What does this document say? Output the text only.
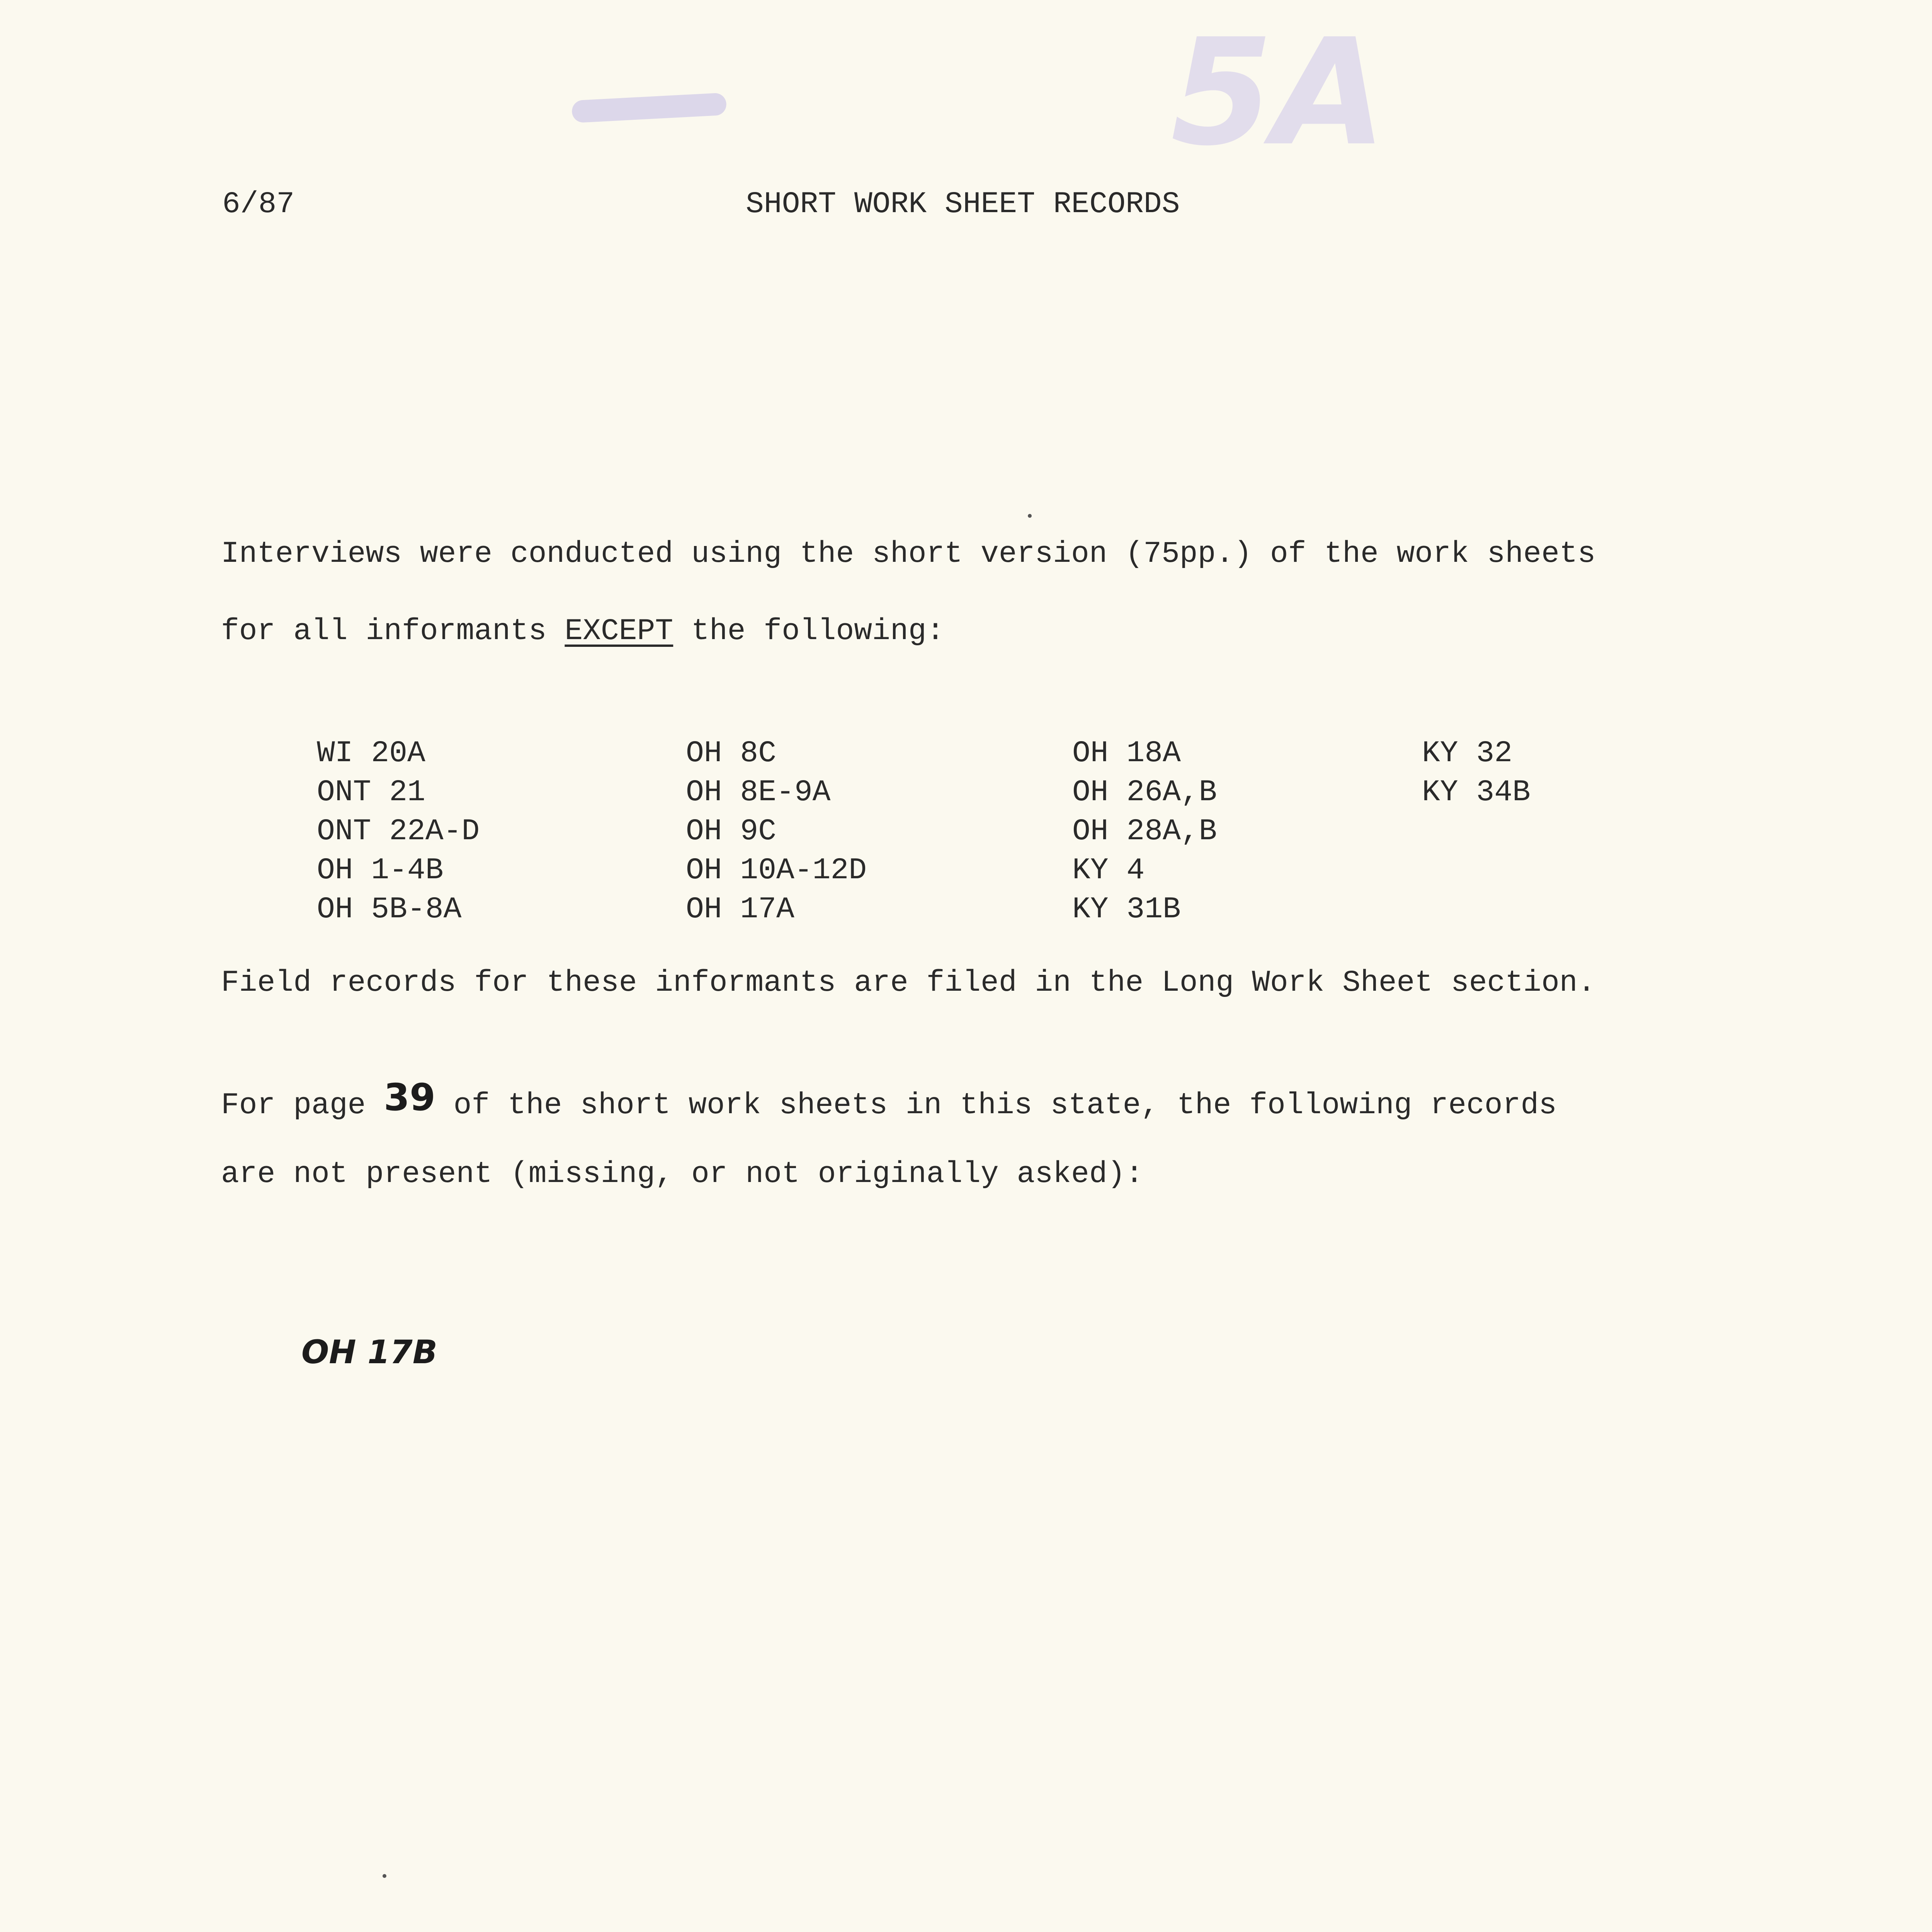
5A
6/87	SHORT WORK SHEET RECORDS
Interviews were conducted using the short version (75pp.) of the work sheets
for all informants EXCEPT the following:
WI 20A
ONT 21
ONT 22A-D
OH 1-4B
OH 5B-8A
OH 8C
OH 8E-9A
OH 9C
OH 10A-12D
OH 17A
OH 18A
OH 26A,B
OH 28A,B
KY 4
KY 31B
KY 32
KY 34B
Field records for these informants are filed in the Long Work Sheet section.
For page 39 of the short work sheets in this state, the following records
are not present (missing, or not originally asked):
OH 17B
